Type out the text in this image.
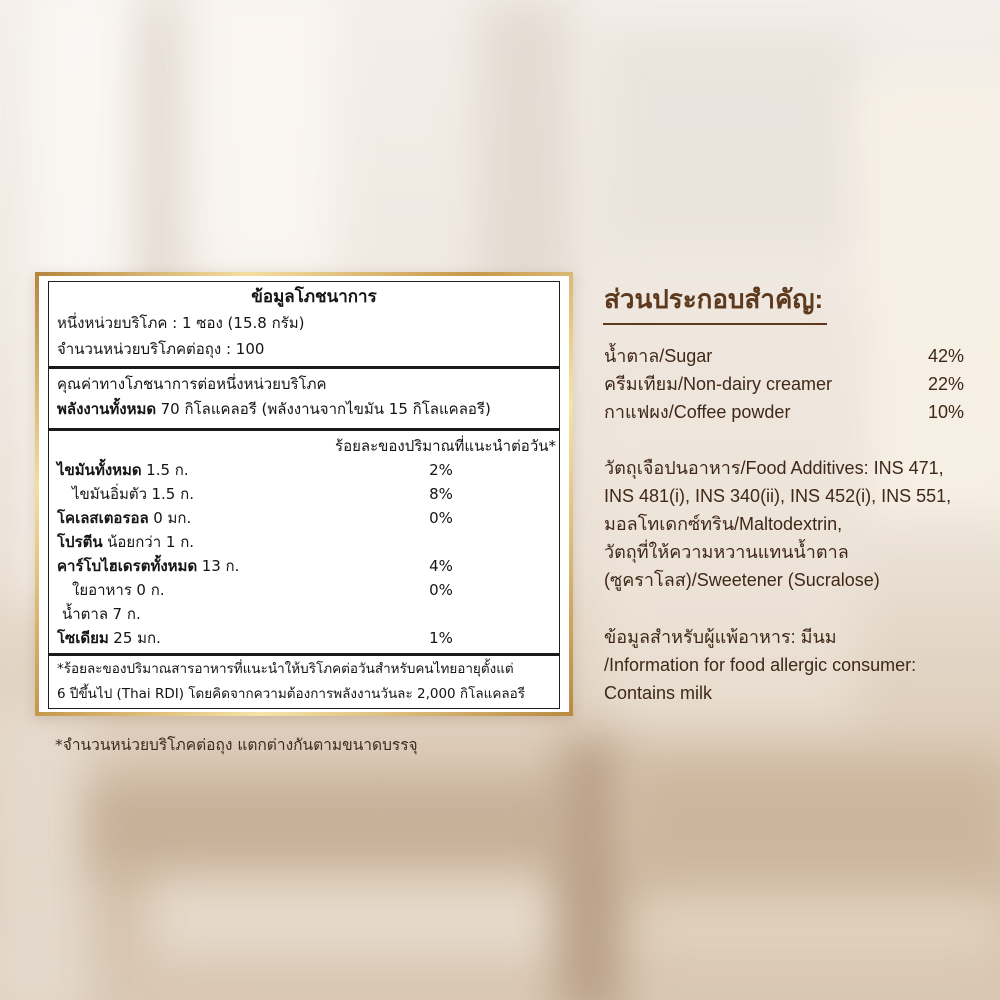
ข้อมูลโภชนาการ
หนึ่งหน่วยบริโภค : 1 ซอง (15.8 กรัม)
จำนวนหน่วยบริโภคต่อถุง : 100
คุณค่าทางโภชนาการต่อหนึ่งหน่วยบริโภค
พลังงานทั้งหมด 70 กิโลแคลอรี (พลังงานจากไขมัน 15 กิโลแคลอรี)
ร้อยละของปริมาณที่แนะนำต่อวัน*
ไขมันทั้งหมด 1.5 ก.	2%
ไขมันอิ่มตัว 1.5 ก.	8%
โคเลสเตอรอล 0 มก.	0%
โปรตีน น้อยกว่า 1 ก.
คาร์โบไฮเดรตทั้งหมด 13 ก.	4%
ใยอาหาร 0 ก.	0%
น้ำตาล 7 ก.
โซเดียม 25 มก.	1%
*ร้อยละของปริมาณสารอาหารที่แนะนำให้บริโภคต่อวันสำหรับคนไทยอายุตั้งแต่
6 ปีขึ้นไป (Thai RDI) โดยคิดจากความต้องการพลังงานวันละ 2,000 กิโลแคลอรี
*จำนวนหน่วยบริโภคต่อถุง แตกต่างกันตามขนาดบรรจุ
ส่วนประกอบสำคัญ:
น้ำตาล/Sugar	42%
ครีมเทียม/Non-dairy creamer	22%
กาแฟผง/Coffee powder	10%
วัตถุเจือปนอาหาร/Food Additives: INS 471,
INS 481(i), INS 340(ii), INS 452(i), INS 551,
มอลโทเดกซ์ทริน/Maltodextrin,
วัตถุที่ให้ความหวานแทนน้ำตาล
(ซูคราโลส)/Sweetener (Sucralose)
ข้อมูลสำหรับผู้แพ้อาหาร: มีนม
/Information for food allergic consumer:
Contains milk
